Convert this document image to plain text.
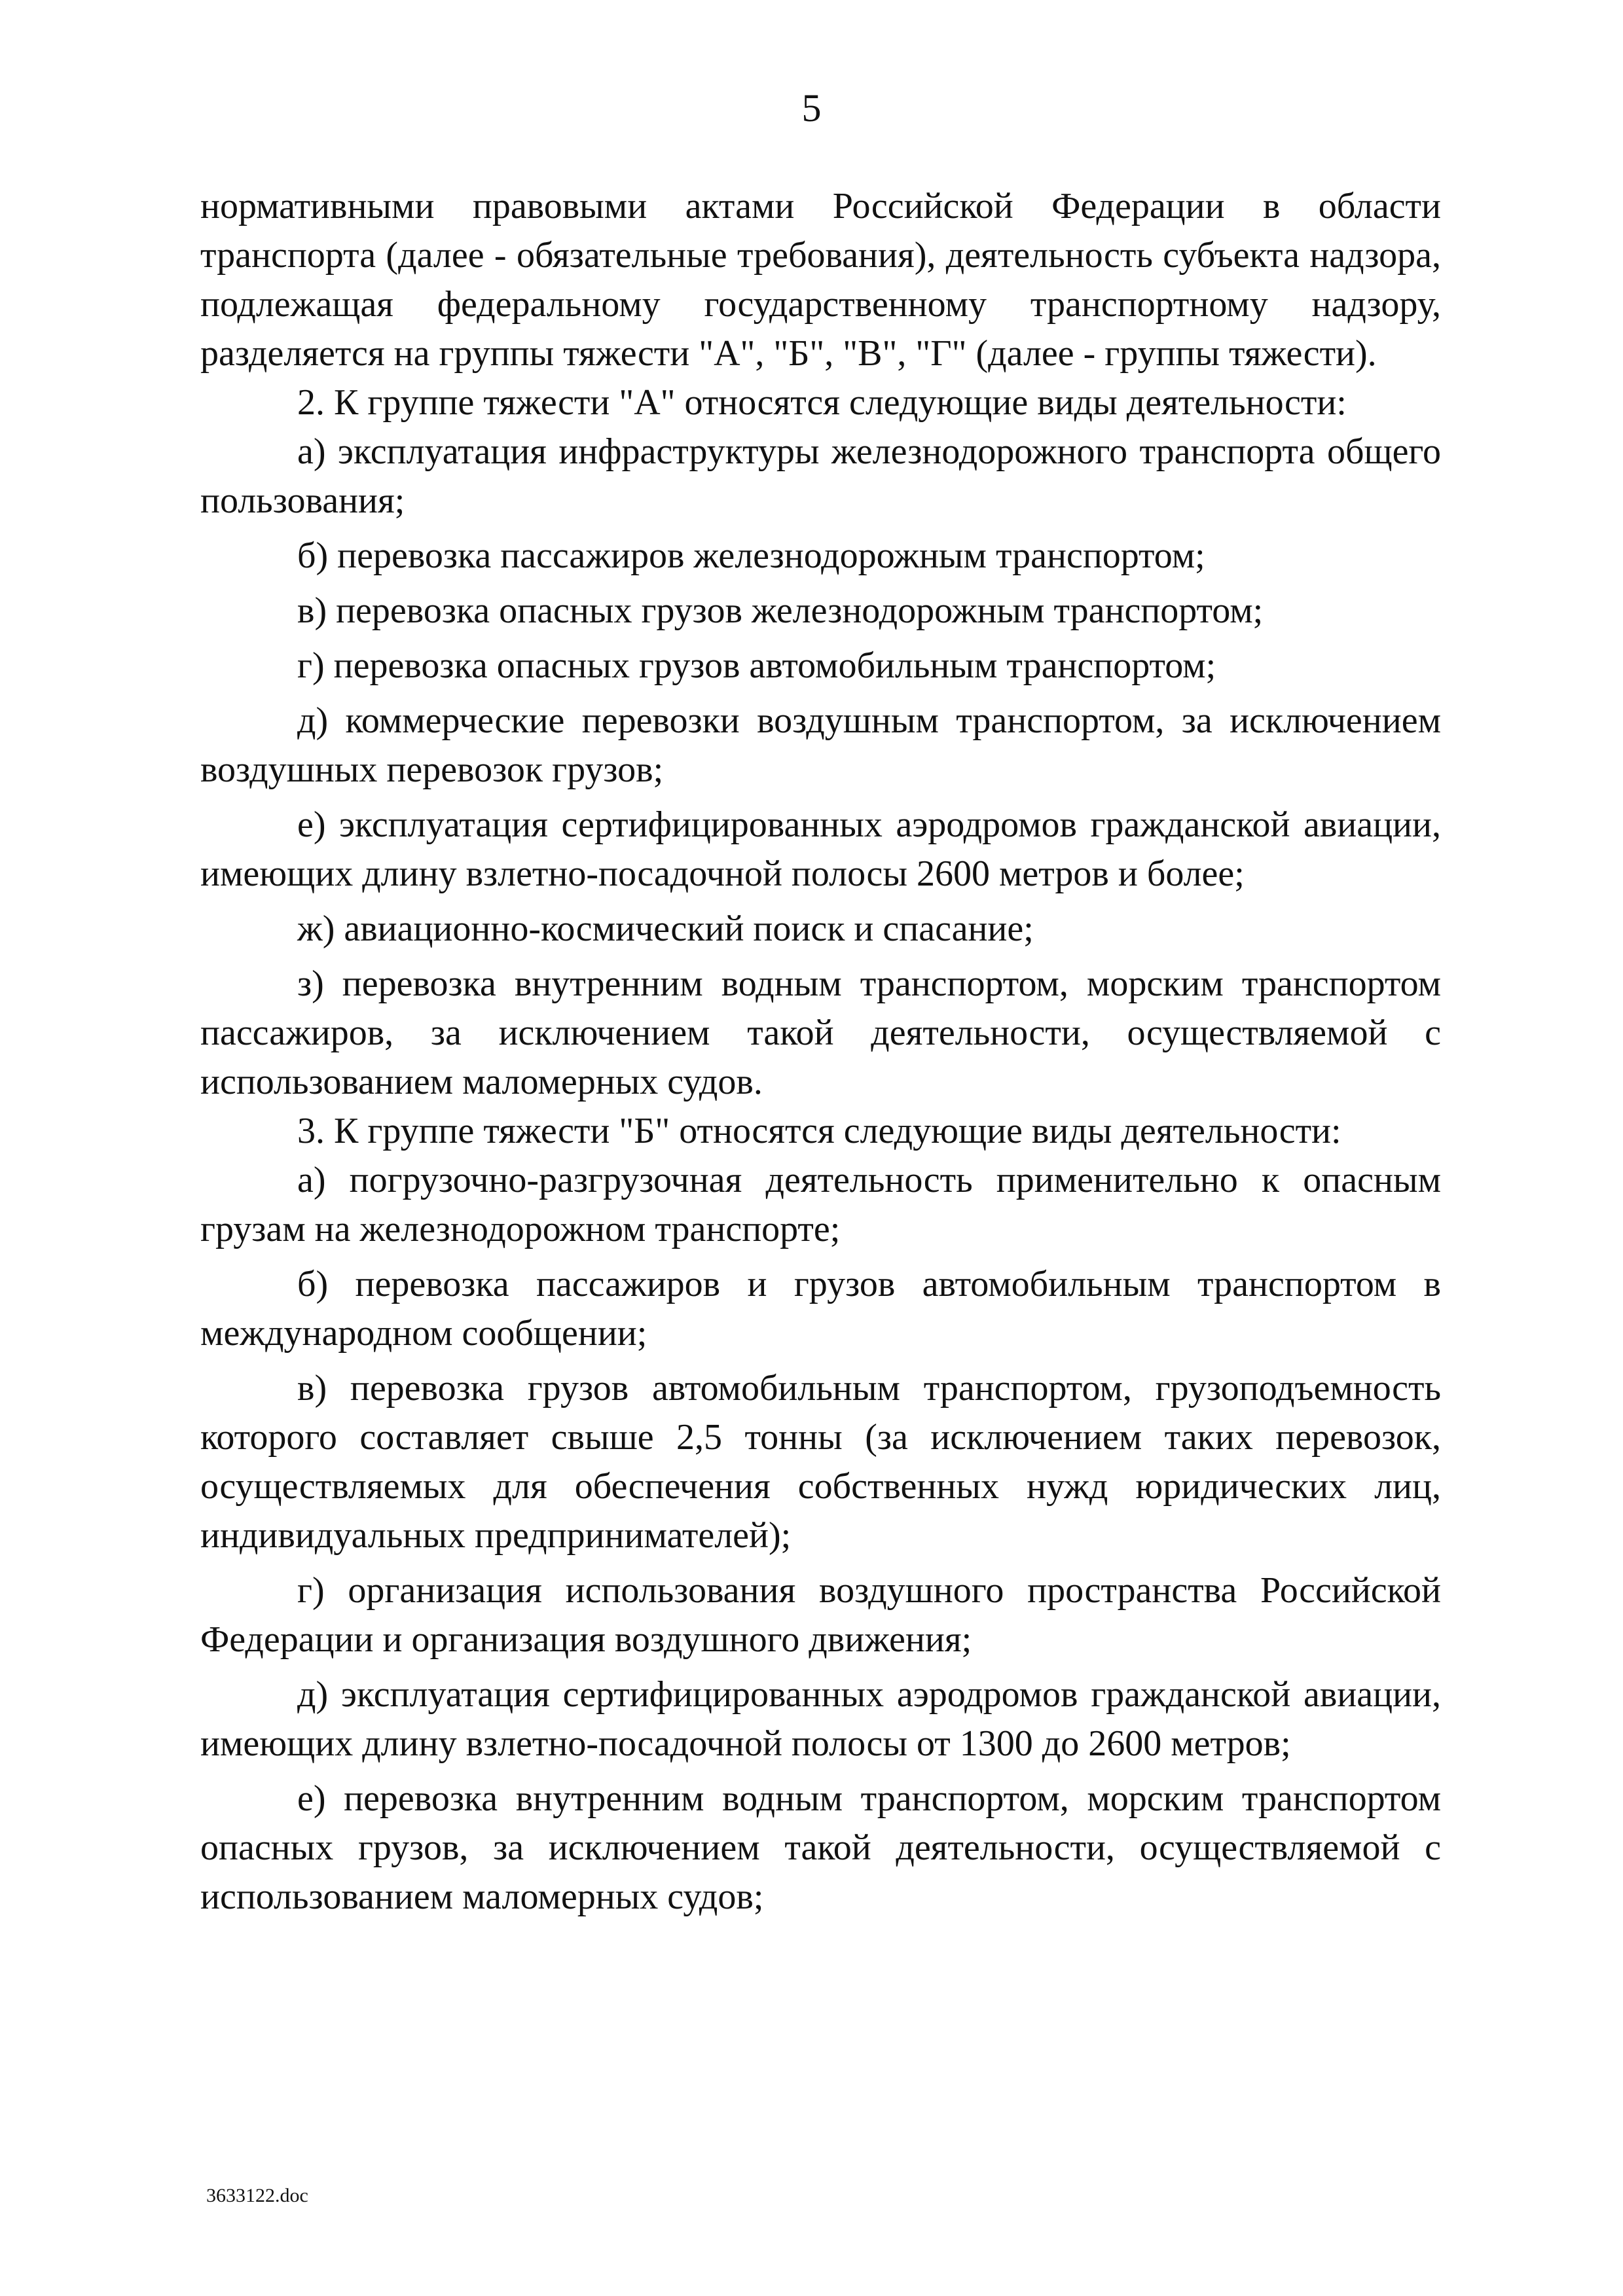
5

нормативными правовыми актами Российской Федерации в области транспорта (далее - обязательные требования), деятельность субъекта надзора, подлежащая федеральному государственному транспортному надзору, разделяется на группы тяжести "А", "Б", "В", "Г" (далее - группы тяжести).

2. К группе тяжести "А" относятся следующие виды деятельности:

а) эксплуатация инфраструктуры железнодорожного транспорта общего пользования;

б) перевозка пассажиров железнодорожным транспортом;

в) перевозка опасных грузов железнодорожным транспортом;

г) перевозка опасных грузов автомобильным транспортом;

д) коммерческие перевозки воздушным транспортом, за исключением воздушных перевозок грузов;

е) эксплуатация сертифицированных аэродромов гражданской авиации, имеющих длину взлетно-посадочной полосы 2600 метров и более;

ж) авиационно-космический поиск и спасание;

з) перевозка внутренним водным транспортом, морским транспортом пассажиров, за исключением такой деятельности, осуществляемой с использованием маломерных судов.

3. К группе тяжести "Б" относятся следующие виды деятельности:

а) погрузочно-разгрузочная деятельность применительно к опасным грузам на железнодорожном транспорте;

б) перевозка пассажиров и грузов автомобильным транспортом в международном сообщении;

в) перевозка грузов автомобильным транспортом, грузоподъемность которого составляет свыше 2,5 тонны (за исключением таких перевозок, осуществляемых для обеспечения собственных нужд юридических лиц, индивидуальных предпринимателей);

г) организация использования воздушного пространства Российской Федерации и организация воздушного движения;

д) эксплуатация сертифицированных аэродромов гражданской авиации, имеющих длину взлетно-посадочной полосы от 1300 до 2600 метров;

е) перевозка внутренним водным транспортом, морским транспортом опасных грузов, за исключением такой деятельности, осуществляемой с использованием маломерных судов;

3633122.doc
